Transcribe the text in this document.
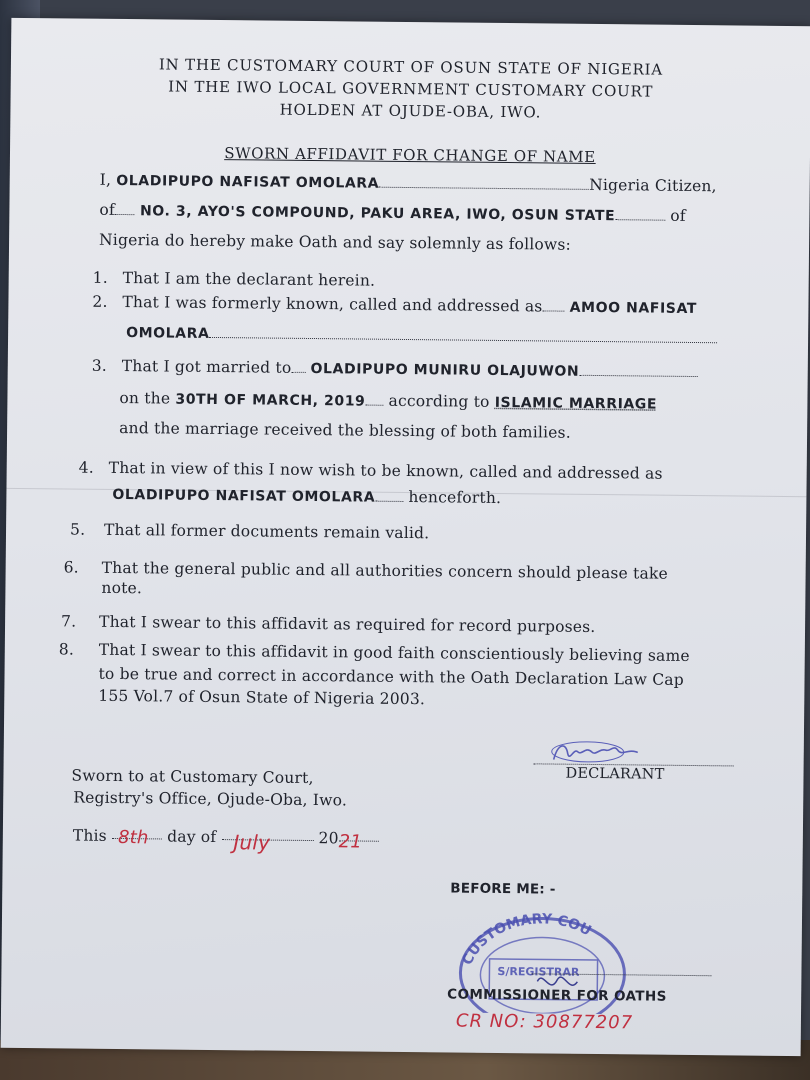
IN THE CUSTOMARY COURT OF OSUN STATE OF NIGERIA
IN THE IWO LOCAL GOVERNMENT CUSTOMARY COURT
HOLDEN AT OJUDE-OBA, IWO.
SWORN AFFIDAVIT FOR CHANGE OF NAME
I, OLADIPUPO NAFISAT OMOLARA	Nigeria Citizen,
of NO. 3, AYO'S COMPOUND, PAKU AREA, IWO, OSUN STATE	of
Nigeria do hereby make Oath and say solemnly as follows:
1. That I am the declarant herein.
2. That I was formerly known, called and addressed as AMOO NAFISAT
OMOLARA
3. That I got married to OLADIPUPO MUNIRU OLAJUWON
on the 30TH OF MARCH, 2019 according to ISLAMIC MARRIAGE
and the marriage received the blessing of both families.
4. That in view of this I now wish to be known, called and addressed as
OLADIPUPO NAFISAT OMOLARA henceforth.
5. That all former documents remain valid.
6. That the general public and all authorities concern should please take
note.
7. That I swear to this affidavit as required for record purposes.
8. That I swear to this affidavit in good faith conscientiously believing same
to be true and correct in accordance with the Oath Declaration Law Cap
155 Vol.7 of Osun State of Nigeria 2003.
DECLARANT
Sworn to at Customary Court,
Registry's Office, Ojude-Oba, Iwo.
This 8th day of July	20 21
BEFORE ME: -
CUSTOMARY COU
S/REGISTRAR
COMMISSIONER FOR OATHS
CR NO: 30877207
